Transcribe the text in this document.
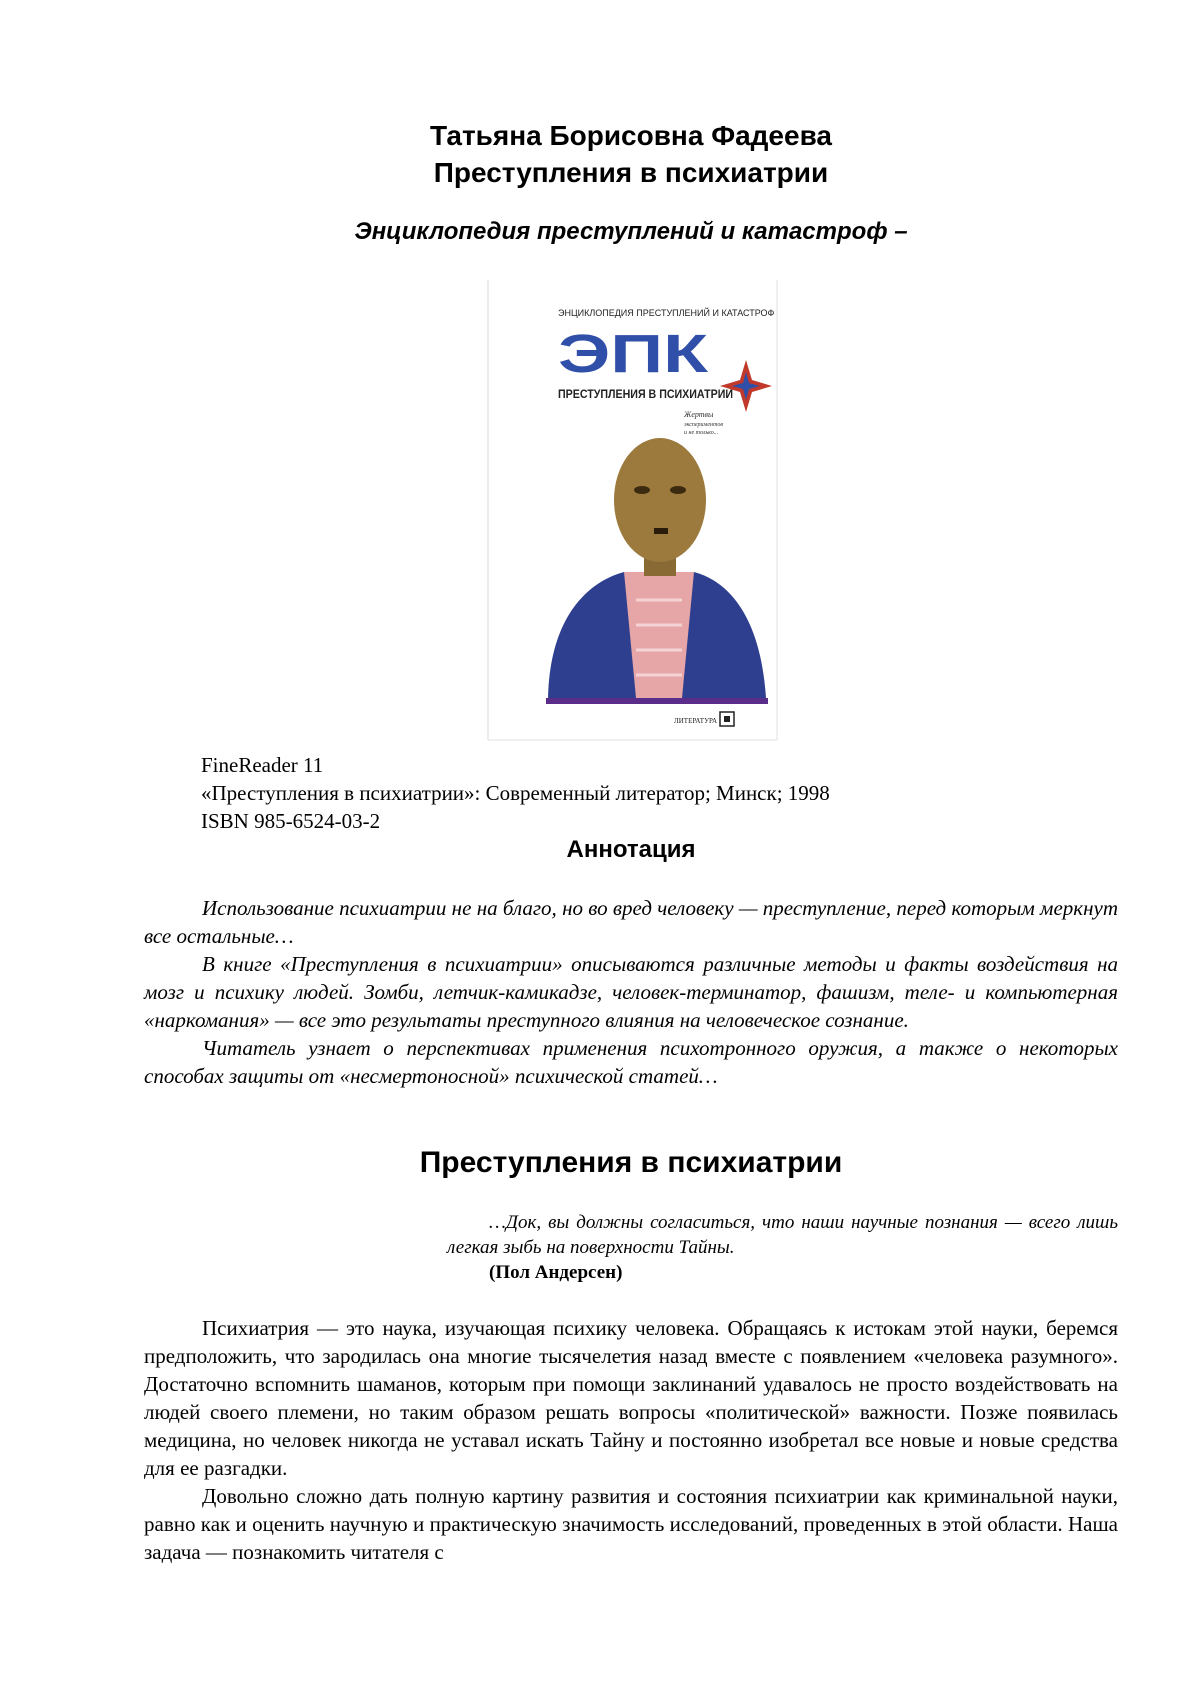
Татьяна Борисовна Фадеева
Преступления в психиатрии
Энциклопедия преступлений и катастроф –
ЭНЦИКЛОПЕДИЯ ПРЕСТУПЛЕНИЙ И КАТАСТРОФ
ЭПК
ПРЕСТУПЛЕНИЯ В ПСИХИАТРИИ
Жертвы
экспериментов
и не только...
ЛИТЕРАТУРА
FineReader 11
«Преступления в психиатрии»: Современный литератор; Минск; 1998
ISBN 985-6524-03-2
Аннотация

Использование психиатрии не на благо, но во вред человеку — преступление, перед которым меркнут все остальные…

В книге «Преступления в психиатрии» описываются различные методы и факты воздействия на мозг и психику людей. Зомби, летчик-камикадзе, человек-терминатор, фашизм, теле- и компьютерная «наркомания» — все это результаты преступного влияния на человеческое сознание.

Читатель узнает о перспективах применения психотронного оружия, а также о некоторых способах защиты от «несмертоносной» психической статей…

Преступления в психиатрии
…Док, вы должны согласиться, что наши научные познания — всего лишь легкая зыбь на поверхности Тайны.
(Пол Андерсен)

Психиатрия — это наука, изучающая психику человека. Обращаясь к истокам этой науки, беремся предположить, что зародилась она многие тысячелетия назад вместе с появлением «человека разумного». Достаточно вспомнить шаманов, которым при помощи заклинаний удавалось не просто воздействовать на людей своего племени, но таким образом решать вопросы «политической» важности. Позже появилась медицина, но человек никогда не уставал искать Тайну и постоянно изобретал все новые и новые средства для ее разгадки.

Довольно сложно дать полную картину развития и состояния психиатрии как криминальной науки, равно как и оценить научную и практическую значимость исследований, проведенных в этой области. Наша задача — познакомить читателя с
